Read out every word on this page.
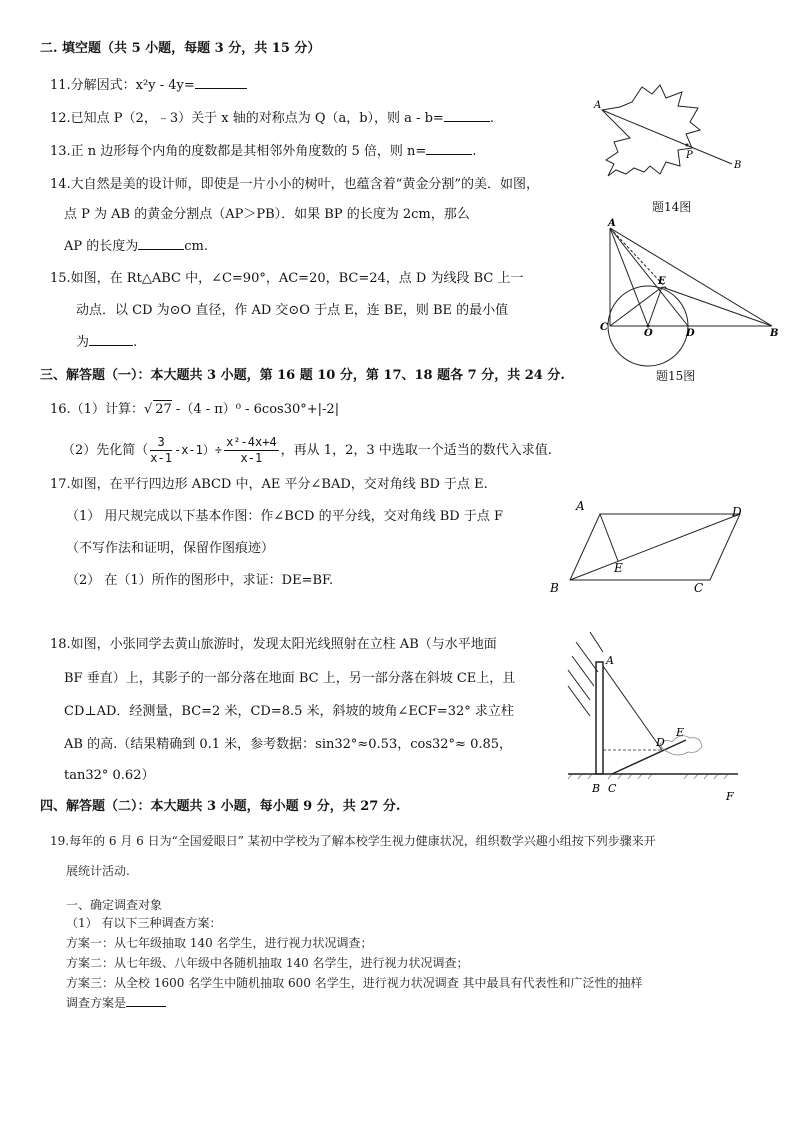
二. 填空题（共 5 小题，每题 3 分，共 15 分）
11.分解因式：x²y - 4y=
12.已知点 P（2，﹣3）关于 x 轴的对称点为 Q（a，b），则 a - b=	.
13.正 n 边形每个内角的度数都是其相邻外角度数的 5 倍，则 n=	.
14.大自然是美的设计师，即使是一片小小的树叶，也蕴含着“黄金分割”的美．如图，
点 P 为 AB 的黄金分割点（AP＞PB）．如果 BP 的长度为 2cm，那么
AP 的长度为	cm.
15.如图，在 Rt△ABC 中，∠C=90°，AC=20，BC=24，点 D 为线段 BC 上一
动点．以 CD 为⊙O 直径，作 AD 交⊙O 于点 E，连 BE，则 BE 的最小值
为	.
A
P
B
题14图
A
E
C
O	D	B
题15图
三、解答题（一）：本大题共 3 小题，第 16 题 10 分，第 17、18 题各 7 分，共 24 分.
16.（1）计算：√ 27 -（4 - π）⁰ - 6cos30°+|-2|
（2）先化简（ $\frac{3}{x-1} -x-1)\div \frac{\text{x²-4x+4}}{x-1}$ ，再从 1，2，3 中选取一个适当的数代入求值.
17.如图，在平行四边形 ABCD 中，AE 平分∠BAD，交对角线 BD 于点 E.
（1） 用尺规完成以下基本作图：作∠BCD 的平分线，交对角线 BD 于点 F
（不写作法和证明，保留作图痕迹）
（2） 在（1）所作的图形中，求证：DE=BF.
A	D
E
B	C
18.如图，小张同学去黄山旅游时，发现太阳光线照射在立柱 AB（与水平地面
BF 垂直）上，其影子的一部分落在地面 BC 上，另一部分落在斜坡 CE上，且
CD⊥AD．经测量，BC=2 米，CD=8.5 米，斜坡的坡角∠ECF=32° 求立柱
AB 的高.（结果精确到 0.1 米，参考数据：sin32°≈0.53，cos32°≈ 0.85，
tan32° 0.62）
A
D
E
B C
F
四、解答题（二）：本大题共 3 小题，每小题 9 分，共 27 分.
19.每年的 6 月 6 日为“全国爱眼日” 某初中学校为了解本校学生视力健康状况，组织数学兴趣小组按下列步骤来开
展统计活动.
一、确定调查对象
（1） 有以下三种调查方案：
方案一：从七年级抽取 140 名学生，进行视力状况调查；
方案二：从七年级、八年级中各随机抽取 140 名学生，进行视力状况调查；
方案三：从全校 1600 名学生中随机抽取 600 名学生，进行视力状况调查 其中最具有代表性和广泛性的抽样
调查方案是
